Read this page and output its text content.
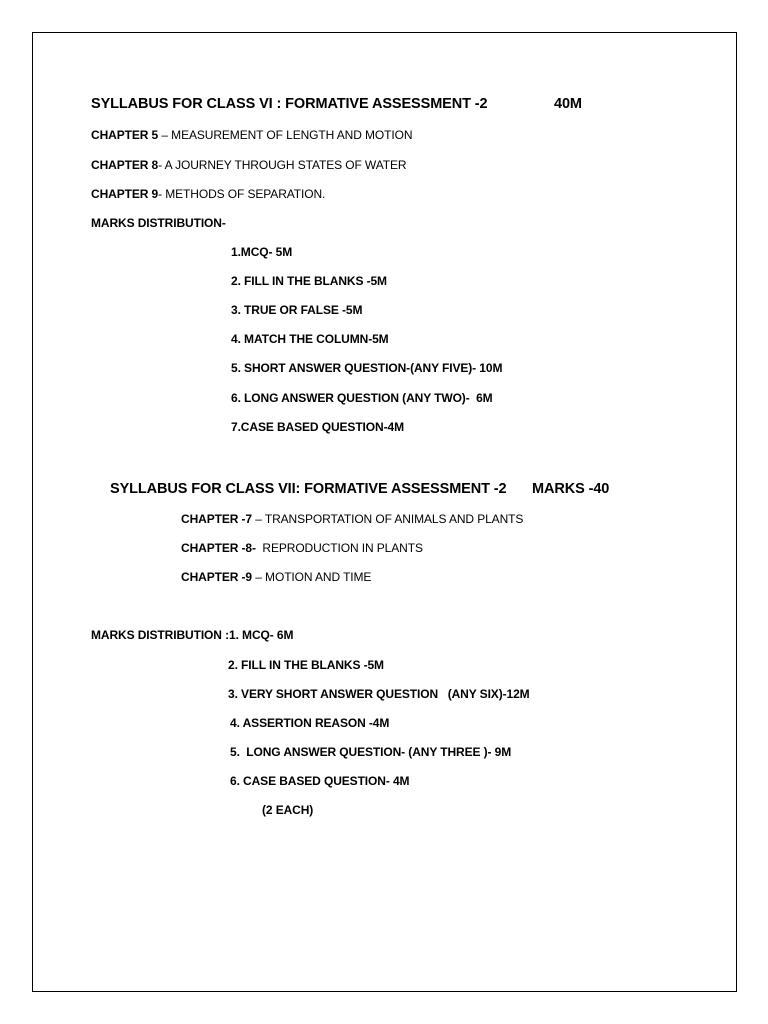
SYLLABUS FOR CLASS VI : FORMATIVE ASSESSMENT -2	40M
CHAPTER 5 – MEASUREMENT OF LENGTH AND MOTION
CHAPTER 8- A JOURNEY THROUGH STATES OF WATER
CHAPTER 9- METHODS OF SEPARATION.
MARKS DISTRIBUTION-
1.MCQ- 5M
2. FILL IN THE BLANKS -5M
3. TRUE OR FALSE -5M
4. MATCH THE COLUMN-5M
5. SHORT ANSWER QUESTION-(ANY FIVE)- 10M
6. LONG ANSWER QUESTION (ANY TWO)-  6M
7.CASE BASED QUESTION-4M
SYLLABUS FOR CLASS VII: FORMATIVE ASSESSMENT -2 MARKS -40
CHAPTER -7 – TRANSPORTATION OF ANIMALS AND PLANTS
CHAPTER -8-  REPRODUCTION IN PLANTS
CHAPTER -9 – MOTION AND TIME
MARKS DISTRIBUTION :1. MCQ- 6M
2. FILL IN THE BLANKS -5M
3. VERY SHORT ANSWER QUESTION   (ANY SIX)-12M
4. ASSERTION REASON -4M
5.  LONG ANSWER QUESTION- (ANY THREE )- 9M
6. CASE BASED QUESTION- 4M
(2 EACH)
